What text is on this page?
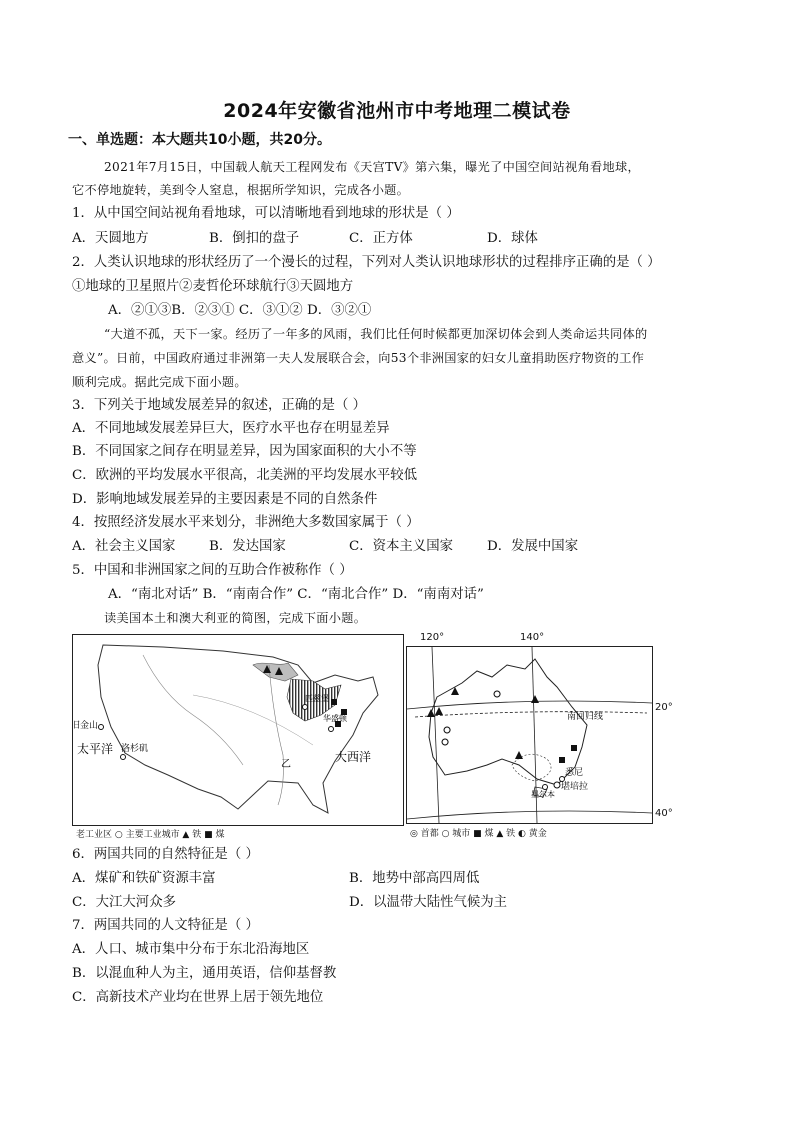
2024年安徽省池州市中考地理二模试卷
一、单选题：本大题共10小题，共20分。
2021年7月15日，中国载人航天工程网发布《天宫TV》第六集，曝光了中国空间站视角看地球，
它不停地旋转，美到令人窒息，根据所学知识，完成各小题。
1．从中国空间站视角看地球，可以清晰地看到地球的形状是（ ）
A．天圆地方	B．倒扣的盘子	C．正方体	D．球体
2．人类认识地球的形状经历了一个漫长的过程，下列对人类认识地球形状的过程排序正确的是（ ）
①地球的卫星照片②麦哲伦环球航行③天圆地方
A．②①③B．②③① C．③①② D．③②①
“大道不孤，天下一家。经历了一年多的风雨，我们比任何时候都更加深切体会到人类命运共同体的
意义”。日前，中国政府通过非洲第一夫人发展联合会，向53个非洲国家的妇女儿童捐助医疗物资的工作
顺利完成。据此完成下面小题。
3．下列关于地域发展差异的叙述，正确的是（ ）
A．不同地域发展差异巨大，医疗水平也存在明显差异
B．不同国家之间存在明显差异，因为国家面积的大小不等
C．欧洲的平均发展水平很高，北美洲的平均发展水平较低
D．影响地域发展差异的主要因素是不同的自然条件
4．按照经济发展水平来划分，非洲绝大多数国家属于（ ）
A．社会主义国家	B．发达国家	C．资本主义国家	D．发展中国家
5．中国和非洲国家之间的互助合作被称作（ ）
A．“南北对话” B．“南南合作” C．“南北合作” D．“南南对话”
读美国本土和澳大利亚的简图，完成下面小题。
旧金山
洛杉矶
太平洋
大西洋
匹兹堡
华盛顿
乙
老工业区 ○ 主要工业城市 ▲ 铁 ■ 煤
南回归线
悉尼
堪培拉
墨尔本
120°	140°
20°
40°
◎ 首都 ○ 城市 ■ 煤 ▲ 铁 ◐ 黄金
6．两国共同的自然特征是（ ）
A．煤矿和铁矿资源丰富	B．地势中部高四周低
C．大江大河众多	D．以温带大陆性气候为主
7．两国共同的人文特征是（ ）
A．人口、城市集中分布于东北沿海地区
B．以混血种人为主，通用英语，信仰基督教
C．高新技术产业均在世界上居于领先地位
